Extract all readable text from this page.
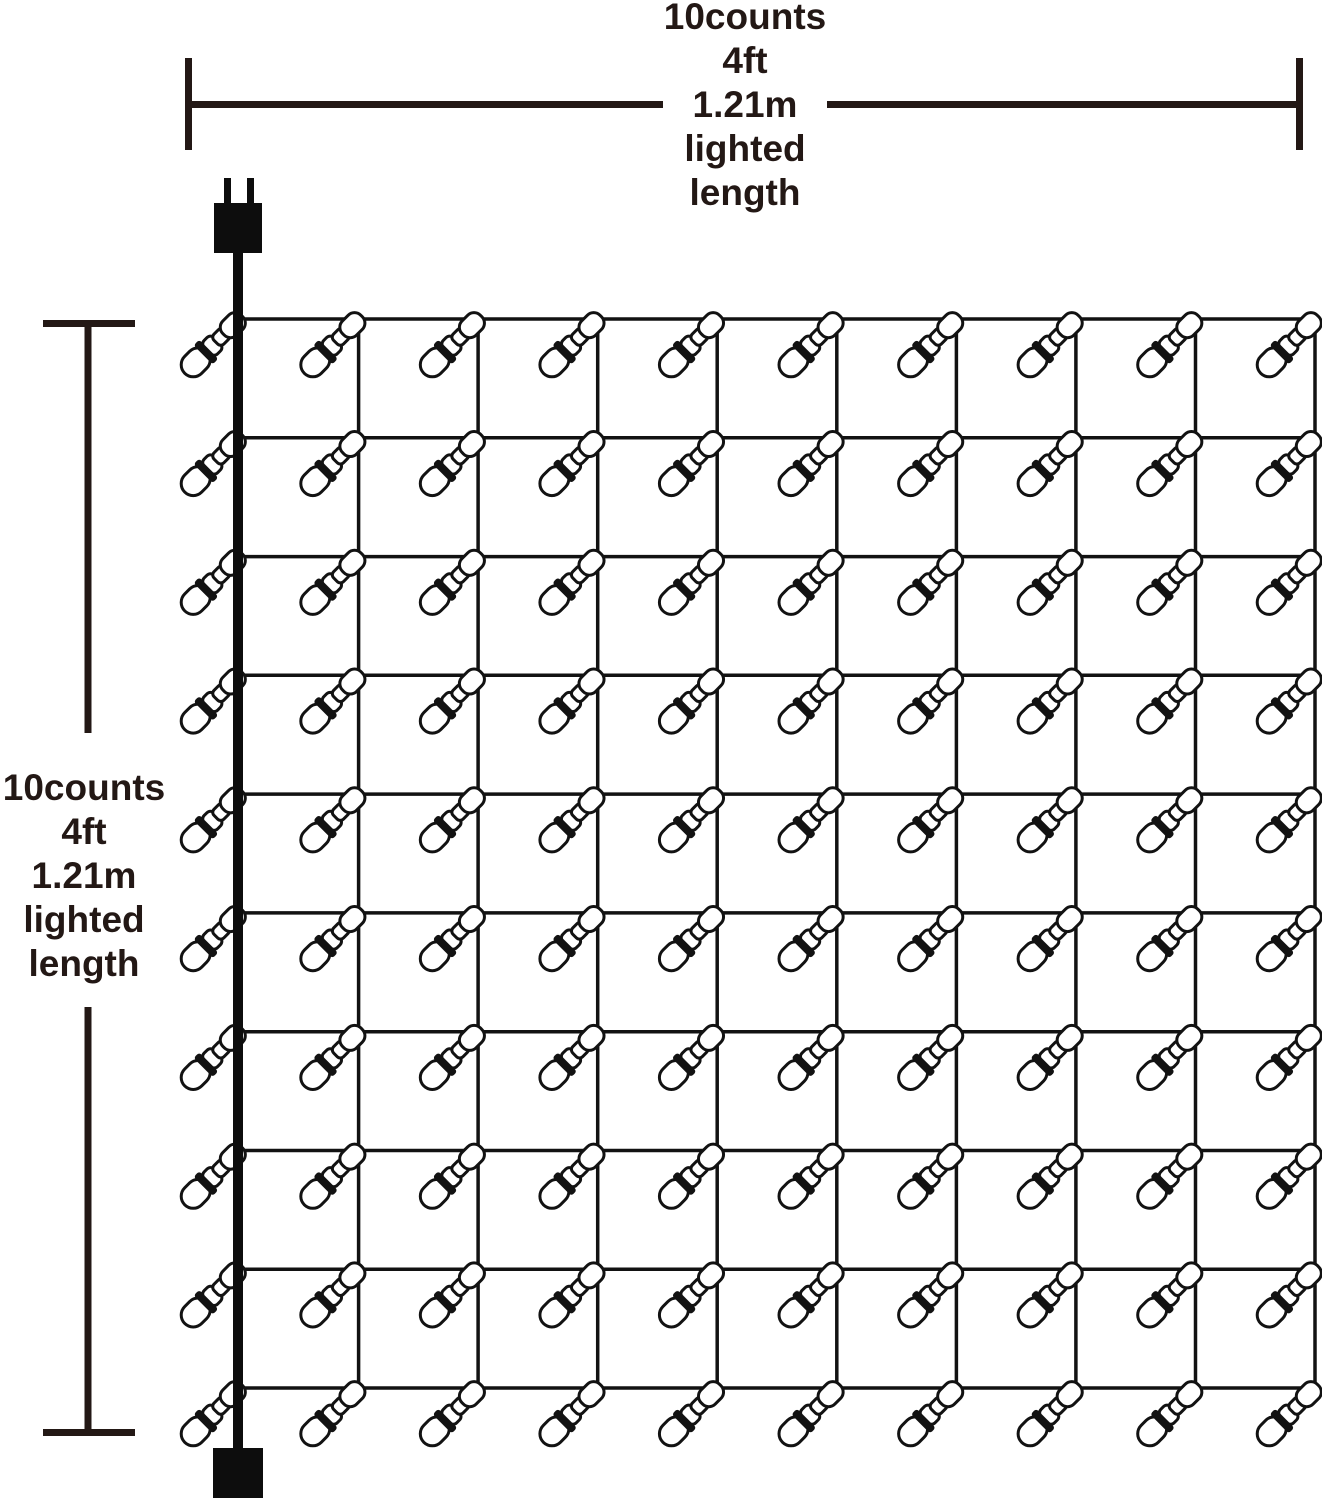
10counts
4ft
1.21m
lighted
length
10counts
4ft
1.21m
lighted
length
